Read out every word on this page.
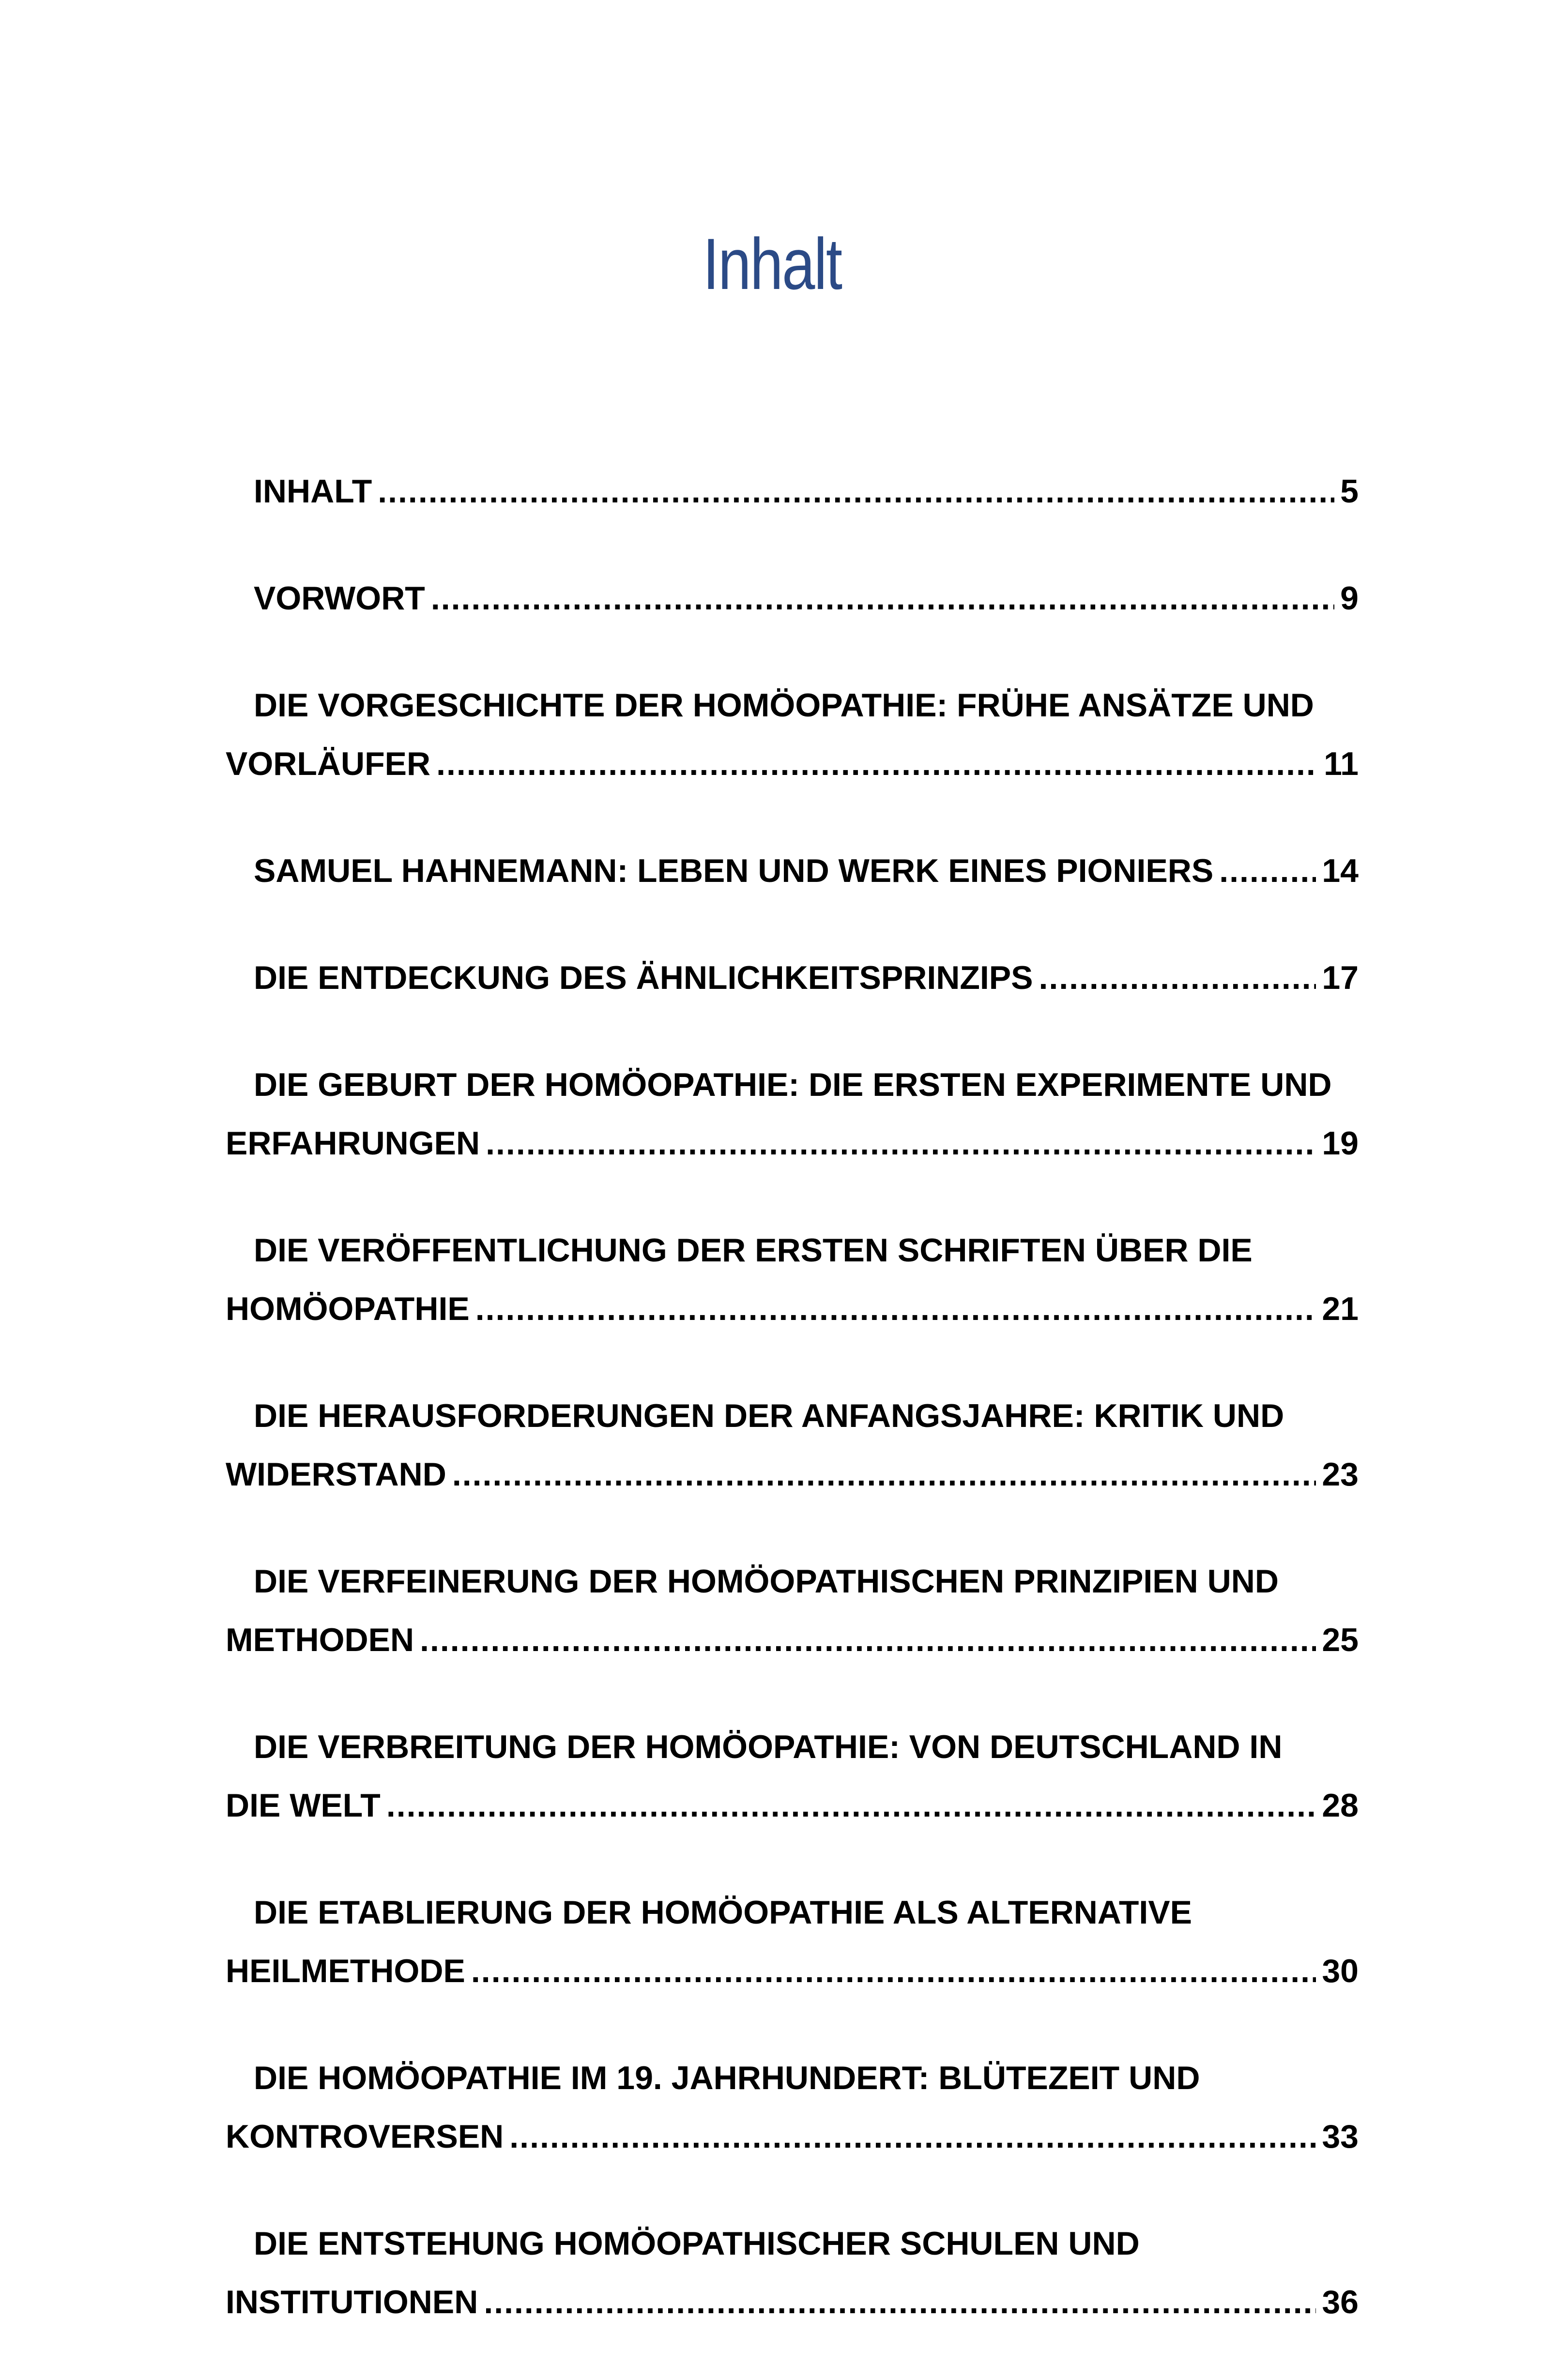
Inhalt
INHALT .....	5
VORWORT .....	9
DIE VORGESCHICHTE DER HOMÖOPATHIE: FRÜHE ANSÄTZE UND
VORLÄUFER .....	11
SAMUEL HAHNEMANN: LEBEN UND WERK EINES PIONIERS .....	14
DIE ENTDECKUNG DES ÄHNLICHKEITSPRINZIPS .....	17
DIE GEBURT DER HOMÖOPATHIE: DIE ERSTEN EXPERIMENTE UND
ERFAHRUNGEN .....	19
DIE VERÖFFENTLICHUNG DER ERSTEN SCHRIFTEN ÜBER DIE
HOMÖOPATHIE .....	21
DIE HERAUSFORDERUNGEN DER ANFANGSJAHRE: KRITIK UND
WIDERSTAND .....	23
DIE VERFEINERUNG DER HOMÖOPATHISCHEN PRINZIPIEN UND
METHODEN .....	25
DIE VERBREITUNG DER HOMÖOPATHIE: VON DEUTSCHLAND IN
DIE WELT .....	28
DIE ETABLIERUNG DER HOMÖOPATHIE ALS ALTERNATIVE
HEILMETHODE .....	30
DIE HOMÖOPATHIE IM 19. JAHRHUNDERT: BLÜTEZEIT UND
KONTROVERSEN .....	33
DIE ENTSTEHUNG HOMÖOPATHISCHER SCHULEN UND
INSTITUTIONEN .....	36
